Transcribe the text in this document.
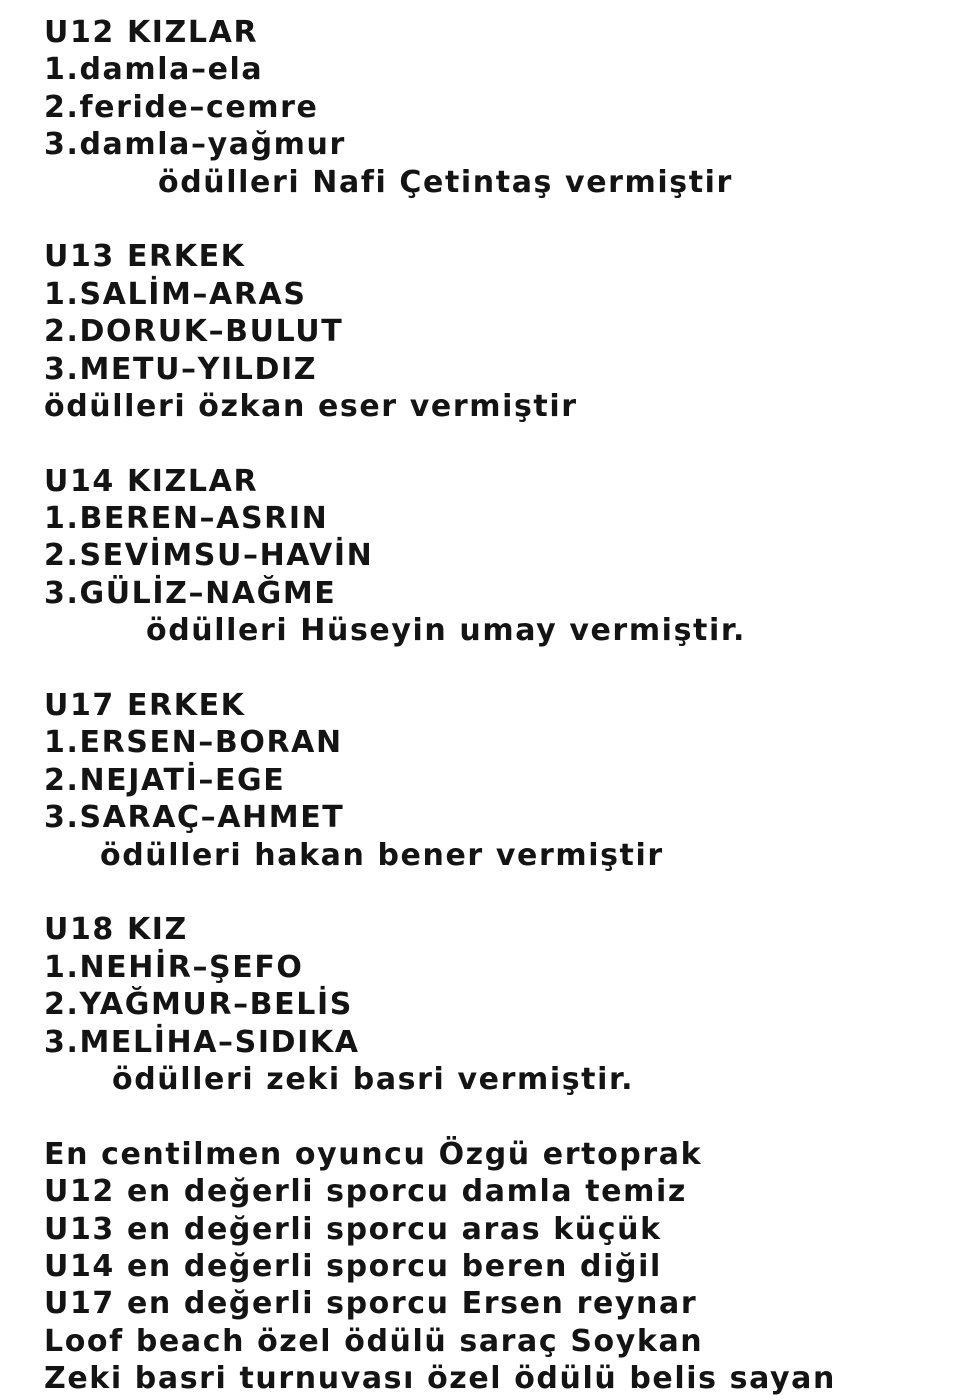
U12 KIZLAR
1.damla–ela
2.feride–cemre
3.damla–yağmur
ödülleri Nafi Çetintaş vermiştir
U13 ERKEK
1.SALİM–ARAS
2.DORUK–BULUT
3.METU–YILDIZ
ödülleri özkan eser vermiştir
U14 KIZLAR
1.BEREN–ASRIN
2.SEVİMSU–HAVİN
3.GÜLİZ–NAĞME
ödülleri Hüseyin umay vermiştir.
U17 ERKEK
1.ERSEN–BORAN
2.NEJATİ–EGE
3.SARAÇ–AHMET
ödülleri hakan bener vermiştir
U18 KIZ
1.NEHİR–ŞEFO
2.YAĞMUR–BELİS
3.MELİHA–SIDIKA
ödülleri zeki basri vermiştir.
En centilmen oyuncu Özgü ertoprak
U12 en değerli sporcu damla temiz
U13 en değerli sporcu aras küçük
U14 en değerli sporcu beren diğil
U17 en değerli sporcu Ersen reynar
Loof beach özel ödülü saraç Soykan
Zeki basri turnuvası özel ödülü belis sayan
